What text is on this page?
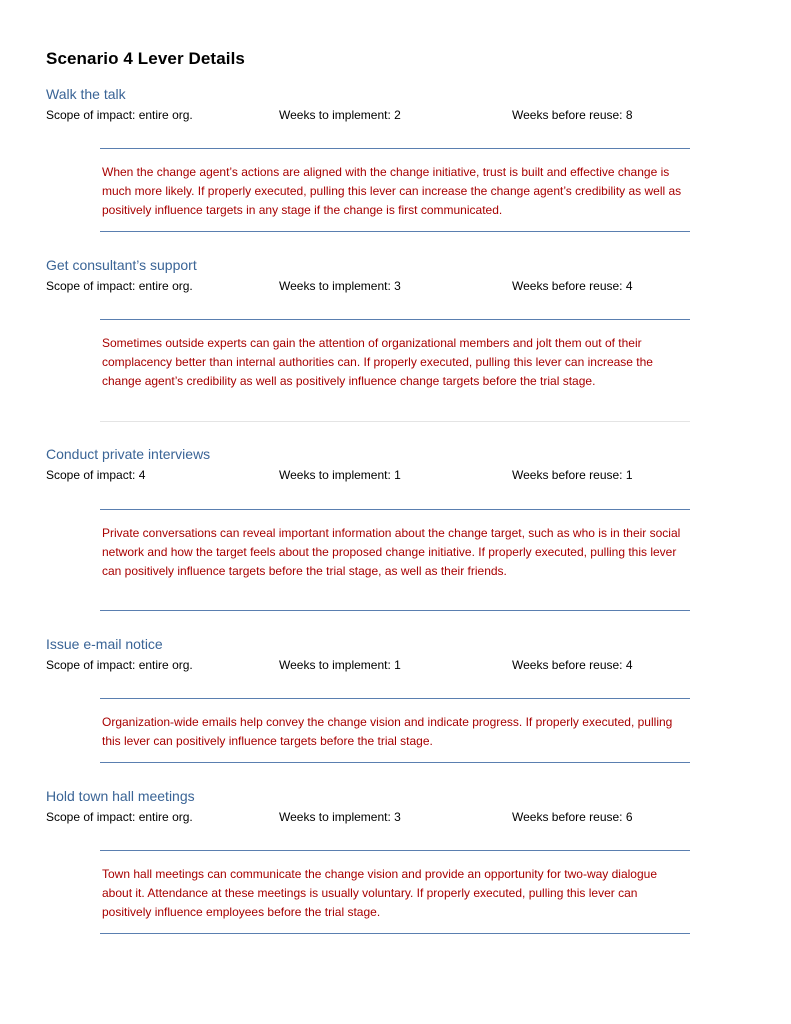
Scenario 4 Lever Details
Walk the talk
Scope of impact: entire org.	Weeks to implement: 2	Weeks before reuse: 8
When the change agent’s actions are aligned with the change initiative, trust is built and effective change is much more likely. If properly executed, pulling this lever can increase the change agent’s credibility as well as positively influence targets in any stage if the change is first communicated.
Get consultant’s support
Scope of impact: entire org.	Weeks to implement: 3	Weeks before reuse: 4
Sometimes outside experts can gain the attention of organizational members and jolt them out of their complacency better than internal authorities can. If properly executed, pulling this lever can increase the change agent’s credibility as well as positively influence change targets before the trial stage.
Conduct private interviews
Scope of impact: 4	Weeks to implement: 1	Weeks before reuse: 1
Private conversations can reveal important information about the change target, such as who is in their social network and how the target feels about the proposed change initiative. If properly executed, pulling this lever can positively influence targets before the trial stage, as well as their friends.
Issue e-mail notice
Scope of impact: entire org.	Weeks to implement: 1	Weeks before reuse: 4
Organization-wide emails help convey the change vision and indicate progress. If properly executed, pulling this lever can positively influence targets before the trial stage.
Hold town hall meetings
Scope of impact: entire org.	Weeks to implement: 3	Weeks before reuse: 6
Town hall meetings can communicate the change vision and provide an opportunity for two-way dialogue about it. Attendance at these meetings is usually voluntary. If properly executed, pulling this lever can positively influence employees before the trial stage.
